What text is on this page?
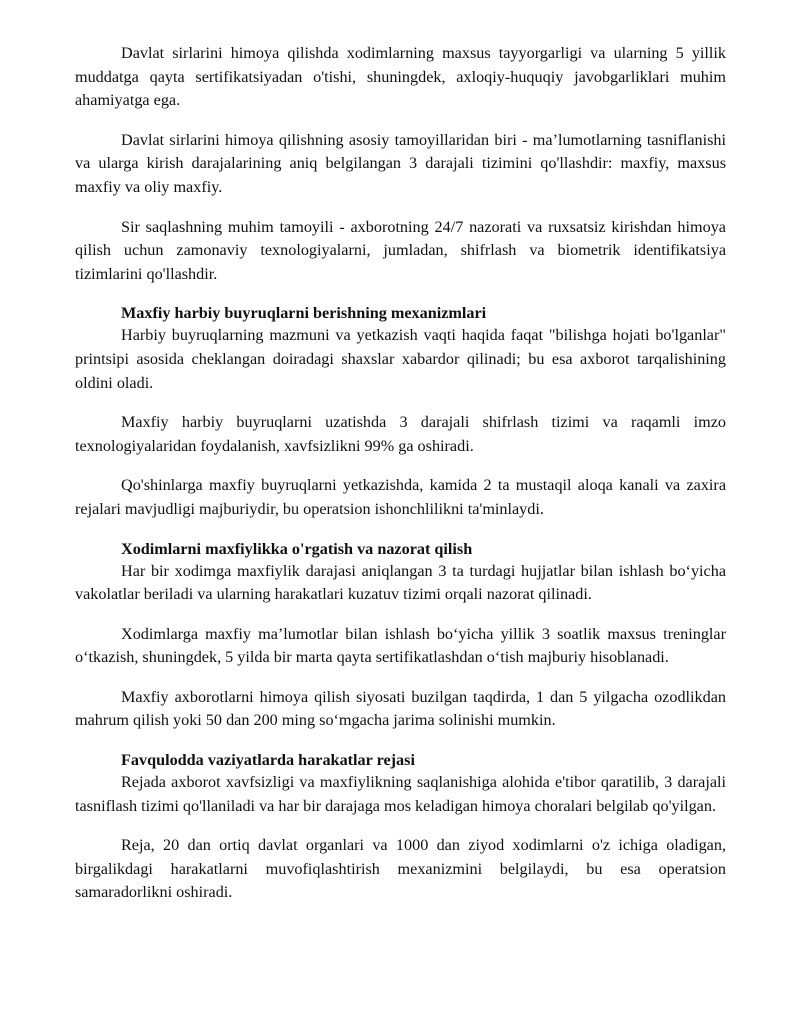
Davlat sirlarini himoya qilishda xodimlarning maxsus tayyorgarligi va ularning 5 yillik muddatga qayta sertifikatsiyadan o'tishi, shuningdek, axloqiy-huquqiy javobgarliklari muhim ahamiyatga ega.

Davlat sirlarini himoya qilishning asosiy tamoyillaridan biri - ma’lumotlarning tasniflanishi va ularga kirish darajalarining aniq belgilangan 3 darajali tizimini qo'llashdir: maxfiy, maxsus maxfiy va oliy maxfiy.

Sir saqlashning muhim tamoyili - axborotning 24/7 nazorati va ruxsatsiz kirishdan himoya qilish uchun zamonaviy texnologiyalarni, jumladan, shifrlash va biometrik identifikatsiya tizimlarini qo'llashdir.

Maxfiy harbiy buyruqlarni berishning mexanizmlari

Harbiy buyruqlarning mazmuni va yetkazish vaqti haqida faqat "bilishga hojati bo'lganlar" printsipi asosida cheklangan doiradagi shaxslar xabardor qilinadi; bu esa axborot tarqalishining oldini oladi.

Maxfiy harbiy buyruqlarni uzatishda 3 darajali shifrlash tizimi va raqamli imzo texnologiyalaridan foydalanish, xavfsizlikni 99% ga oshiradi.

Qo'shinlarga maxfiy buyruqlarni yetkazishda, kamida 2 ta mustaqil aloqa kanali va zaxira rejalari mavjudligi majburiydir, bu operatsion ishonchlilikni ta'minlaydi.

Xodimlarni maxfiylikka o'rgatish va nazorat qilish

Har bir xodimga maxfiylik darajasi aniqlangan 3 ta turdagi hujjatlar bilan ishlash bo‘yicha vakolatlar beriladi va ularning harakatlari kuzatuv tizimi orqali nazorat qilinadi.

Xodimlarga maxfiy ma’lumotlar bilan ishlash bo‘yicha yillik 3 soatlik maxsus treninglar o‘tkazish, shuningdek, 5 yilda bir marta qayta sertifikatlashdan o‘tish majburiy hisoblanadi.

Maxfiy axborotlarni himoya qilish siyosati buzilgan taqdirda, 1 dan 5 yilgacha ozodlikdan mahrum qilish yoki 50 dan 200 ming so‘mgacha jarima solinishi mumkin.

Favqulodda vaziyatlarda harakatlar rejasi

Rejada axborot xavfsizligi va maxfiylikning saqlanishiga alohida e'tibor qaratilib, 3 darajali tasniflash tizimi qo'llaniladi va har bir darajaga mos keladigan himoya choralari belgilab qo'yilgan.

Reja, 20 dan ortiq davlat organlari va 1000 dan ziyod xodimlarni o'z ichiga oladigan, birgalikdagi harakatlarni muvofiqlashtirish mexanizmini belgilaydi, bu esa operatsion samaradorlikni oshiradi.
